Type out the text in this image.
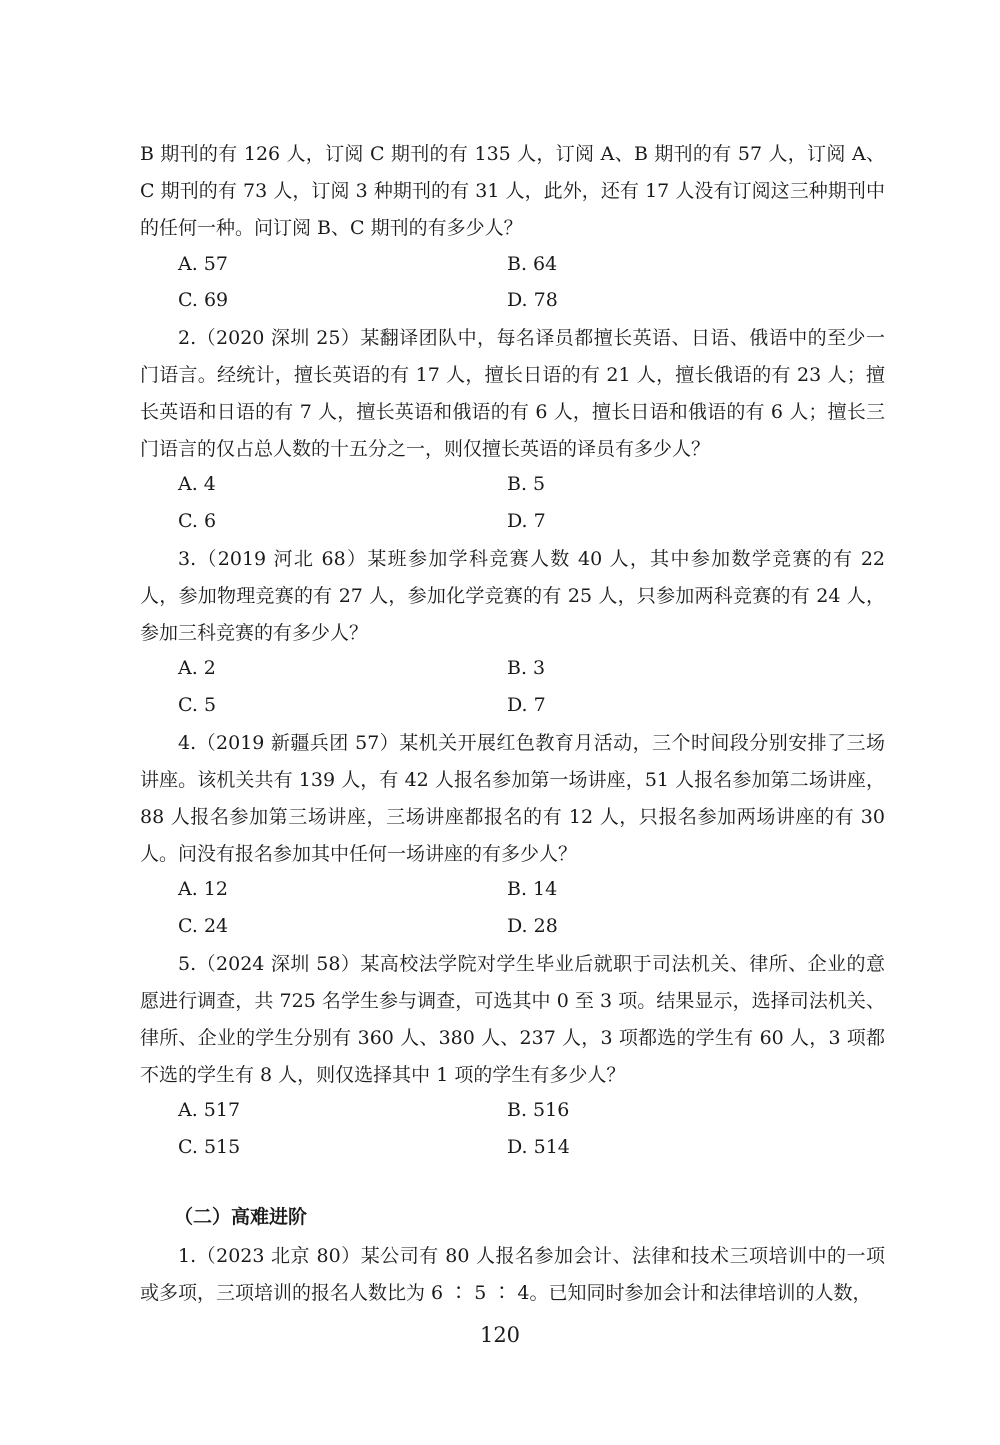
B 期刊的有 126 人，订阅 C 期刊的有 135 人，订阅 A、B 期刊的有 57 人，订阅 A、C 期刊的有 73 人，订阅 3 种期刊的有 31 人，此外，还有 17 人没有订阅这三种期刊中的任何一种。问订阅 B、C 期刊的有多少人？
A. 57	B. 64
C. 69	D. 78
2.（2020 深圳 25）某翻译团队中，每名译员都擅长英语、日语、俄语中的至少一门语言。经统计，擅长英语的有 17 人，擅长日语的有 21 人，擅长俄语的有 23 人；擅长英语和日语的有 7 人，擅长英语和俄语的有 6 人，擅长日语和俄语的有 6 人；擅长三门语言的仅占总人数的十五分之一，则仅擅长英语的译员有多少人？
A. 4	B. 5
C. 6	D. 7
3.（2019 河北 68）某班参加学科竞赛人数 40 人，其中参加数学竞赛的有 22 人，参加物理竞赛的有 27 人，参加化学竞赛的有 25 人，只参加两科竞赛的有 24 人，参加三科竞赛的有多少人？
A. 2	B. 3
C. 5	D. 7
4.（2019 新疆兵团 57）某机关开展红色教育月活动，三个时间段分别安排了三场讲座。该机关共有 139 人，有 42 人报名参加第一场讲座，51 人报名参加第二场讲座，88 人报名参加第三场讲座，三场讲座都报名的有 12 人，只报名参加两场讲座的有 30 人。问没有报名参加其中任何一场讲座的有多少人？
A. 12	B. 14
C. 24	D. 28
5.（2024 深圳 58）某高校法学院对学生毕业后就职于司法机关、律所、企业的意愿进行调查，共 725 名学生参与调查，可选其中 0 至 3 项。结果显示，选择司法机关、律所、企业的学生分别有 360 人、380 人、237 人，3 项都选的学生有 60 人，3 项都不选的学生有 8 人，则仅选择其中 1 项的学生有多少人？
A. 517	B. 516
C. 515	D. 514
（二）高难进阶
1.（2023 北京 80）某公司有 80 人报名参加会计、法律和技术三项培训中的一项或多项，三项培训的报名人数比为 6 ∶ 5 ∶ 4。已知同时参加会计和法律培训的人数，
120
